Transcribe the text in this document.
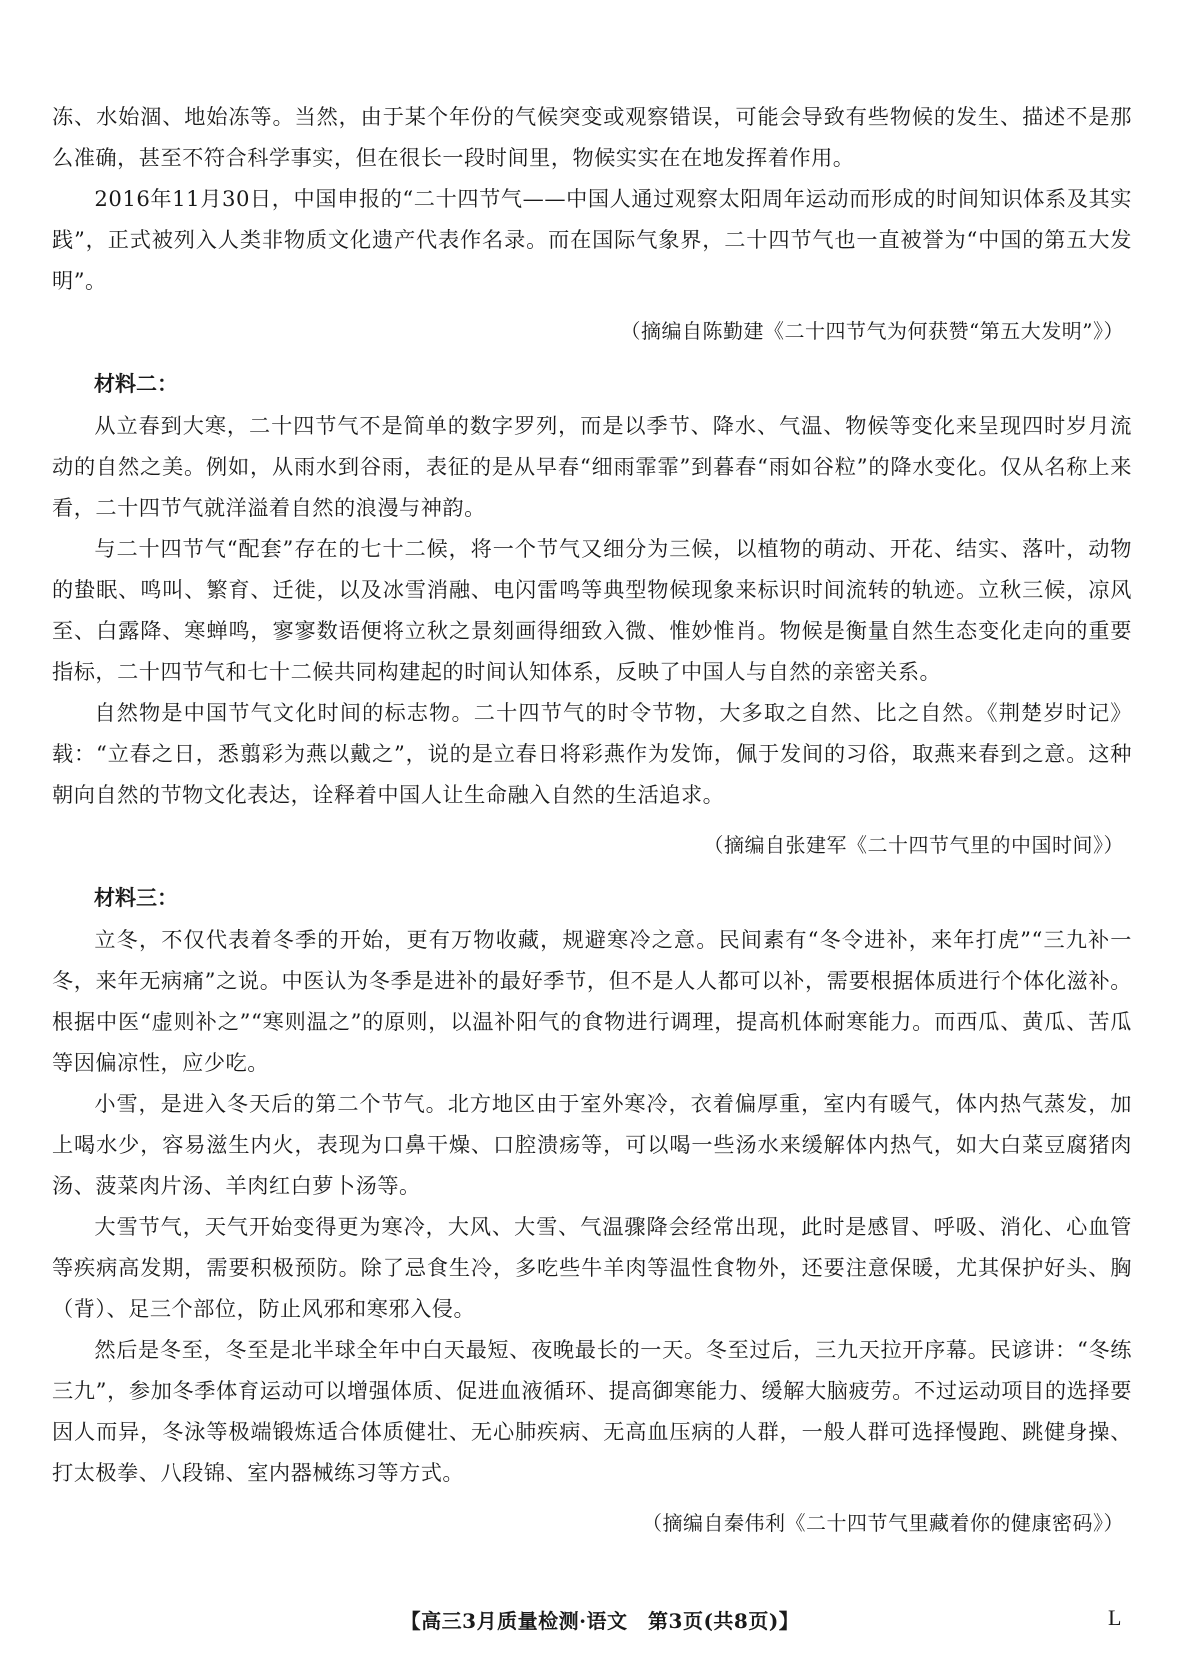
冻、水始涸、地始冻等。当然，由于某个年份的气候突变或观察错误，可能会导致有些物候的发生、描述不是那么准确，甚至不符合科学事实，但在很长一段时间里，物候实实在在地发挥着作用。

2016年11月30日，中国申报的“二十四节气——中国人通过观察太阳周年运动而形成的时间知识体系及其实践”，正式被列入人类非物质文化遗产代表作名录。而在国际气象界，二十四节气也一直被誉为“中国的第五大发明”。

（摘编自陈勤建《二十四节气为何获赞“第五大发明”》）
材料二：

从立春到大寒，二十四节气不是简单的数字罗列，而是以季节、降水、气温、物候等变化来呈现四时岁月流动的自然之美。例如，从雨水到谷雨，表征的是从早春“细雨霏霏”到暮春“雨如谷粒”的降水变化。仅从名称上来看，二十四节气就洋溢着自然的浪漫与神韵。

与二十四节气“配套”存在的七十二候，将一个节气又细分为三候，以植物的萌动、开花、结实、落叶，动物的蛰眠、鸣叫、繁育、迁徙，以及冰雪消融、电闪雷鸣等典型物候现象来标识时间流转的轨迹。立秋三候，凉风至、白露降、寒蝉鸣，寥寥数语便将立秋之景刻画得细致入微、惟妙惟肖。物候是衡量自然生态变化走向的重要指标，二十四节气和七十二候共同构建起的时间认知体系，反映了中国人与自然的亲密关系。

自然物是中国节气文化时间的标志物。二十四节气的时令节物，大多取之自然、比之自然。《荆楚岁时记》载：“立春之日，悉翦彩为燕以戴之”，说的是立春日将彩燕作为发饰，佩于发间的习俗，取燕来春到之意。这种朝向自然的节物文化表达，诠释着中国人让生命融入自然的生活追求。

（摘编自张建军《二十四节气里的中国时间》）
材料三：

立冬，不仅代表着冬季的开始，更有万物收藏，规避寒冷之意。民间素有“冬令进补，来年打虎”“三九补一冬，来年无病痛”之说。中医认为冬季是进补的最好季节，但不是人人都可以补，需要根据体质进行个体化滋补。根据中医“虚则补之”“寒则温之”的原则，以温补阳气的食物进行调理，提高机体耐寒能力。而西瓜、黄瓜、苦瓜等因偏凉性，应少吃。

小雪，是进入冬天后的第二个节气。北方地区由于室外寒冷，衣着偏厚重，室内有暖气，体内热气蒸发，加上喝水少，容易滋生内火，表现为口鼻干燥、口腔溃疡等，可以喝一些汤水来缓解体内热气，如大白菜豆腐猪肉汤、菠菜肉片汤、羊肉红白萝卜汤等。

大雪节气，天气开始变得更为寒冷，大风、大雪、气温骤降会经常出现，此时是感冒、呼吸、消化、心血管等疾病高发期，需要积极预防。除了忌食生冷，多吃些牛羊肉等温性食物外，还要注意保暖，尤其保护好头、胸（背）、足三个部位，防止风邪和寒邪入侵。

然后是冬至，冬至是北半球全年中白天最短、夜晚最长的一天。冬至过后，三九天拉开序幕。民谚讲：“冬练三九”，参加冬季体育运动可以增强体质、促进血液循环、提高御寒能力、缓解大脑疲劳。不过运动项目的选择要因人而异，冬泳等极端锻炼适合体质健壮、无心肺疾病、无高血压病的人群，一般人群可选择慢跑、跳健身操、打太极拳、八段锦、室内器械练习等方式。

（摘编自秦伟利《二十四节气里藏着你的健康密码》）
【高三3月质量检测·语文　第3页(共8页)】	L
